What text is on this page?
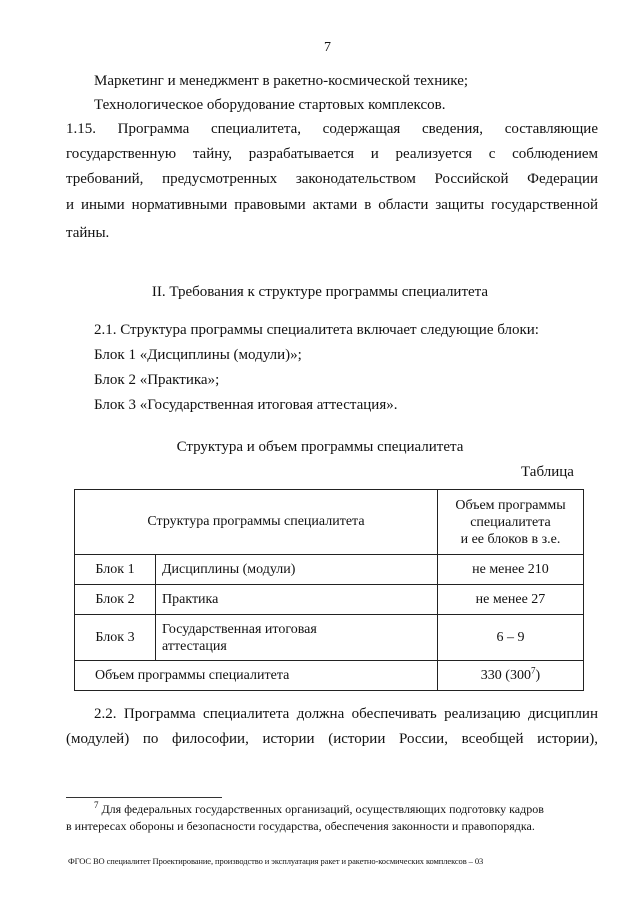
7
Маркетинг и менеджмент в ракетно-космической технике;
Технологическое оборудование стартовых комплексов.
1.15. Программа специалитета, содержащая сведения, составляющие
государственную тайну, разрабатывается и реализуется с соблюдением
требований, предусмотренных законодательством Российской Федерации
и иными нормативными правовыми актами в области защиты государственной
тайны.
II. Требования к структуре программы специалитета
2.1. Структура программы специалитета включает следующие блоки:
Блок 1 «Дисциплины (модули)»;
Блок 2 «Практика»;
Блок 3 «Государственная итоговая аттестация».
Структура и объем программы специалитета
Таблица
Структура программы специалитета		Объем программы
специалитета
и ее блоков в з.е.
Блок 1	Дисциплины (модули)	не менее 210
Блок 2	Практика	не менее 27
Блок 3	Государственная итоговая
аттестация	6 – 9
Объем программы специалитета		330 $(300^7)$
2.2. Программа специалитета должна обеспечивать реализацию дисциплин
(модулей) по философии, истории (истории России, всеобщей истории),
$^7$ Для федеральных государственных организаций, осуществляющих подготовку кадров
в интересах обороны и безопасности государства, обеспечения законности и правопорядка.
ФГОС ВО специалитет Проектирование, производство и эксплуатация ракет и ракетно-космических комплексов – 03
